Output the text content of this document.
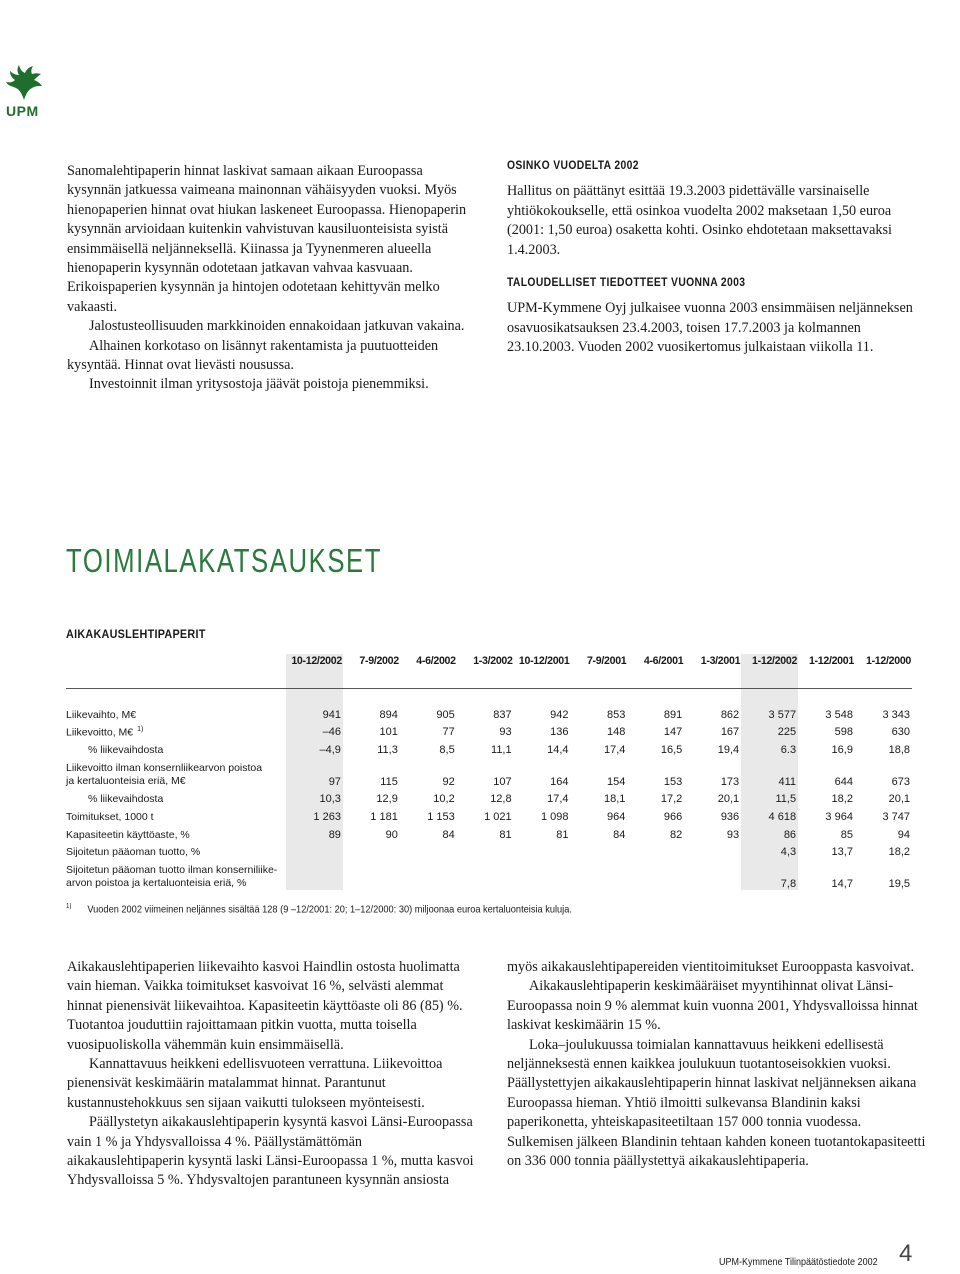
UPM

Sanomalehtipaperin hinnat laskivat samaan aikaan Euroopassa kysynnän jatkuessa vaimeana mainonnan vähäisyyden vuoksi. Myös hienopaperien hinnat ovat hiukan laskeneet Euroopassa. Hienopaperin kysynnän arvioidaan kuitenkin vahvistuvan kausiluonteisista syistä ensimmäisellä neljänneksellä. Kiinassa ja Tyynenmeren alueella hienopaperin kysynnän odotetaan jatkavan vahvaa kasvuaan. Erikoispaperien kysynnän ja hintojen odotetaan kehittyvän melko vakaasti.

Jalostusteollisuuden markkinoiden ennakoidaan jatkuvan vakaina.

Alhainen korkotaso on lisännyt rakentamista ja puutuotteiden kysyntää. Hinnat ovat lievästi nousussa.

Investoinnit ilman yritysostoja jäävät poistoja pienemmiksi.

OSINKO VUODELTA 2002

Hallitus on päättänyt esittää 19.3.2003 pidettävälle varsinaiselle yhtiökokoukselle, että osinkoa vuodelta 2002 maksetaan 1,50 euroa (2001: 1,50 euroa) osaketta kohti. Osinko ehdotetaan maksettavaksi 1.4.2003.

TALOUDELLISET TIEDOTTEET VUONNA 2003

UPM-Kymmene Oyj julkaisee vuonna 2003 ensimmäisen neljänneksen osavuosikatsauksen 23.4.2003, toisen 17.7.2003 ja kolmannen 23.10.2003. Vuoden 2002 vuosikertomus julkaistaan viikolla 11.

TOIMIALAKATSAUKSET
AIKAKAUSLEHTIPAPERIT
	10-12/2002	7-9/2002	4-6/2002	1-3/2002	10-12/2001	7-9/2001	4-6/2001	1-3/2001	1-12/2002	1-12/2001	1-12/2000

Liikevaihto, M€	941	894	905	837	942	853	891	862	3 577	3 548	3 343
Liikevoitto, M€ $^{1)}$	–46	101	77	93	136	148	147	167	225	598	630
% liikevaihdosta	–4,9	11,3	8,5	11,1	14,4	17,4	16,5	19,4	6.3	16,9	18,8

Liikevoitto ilman konsernliikearvon poistoa
ja kertaluonteisia eriä, M€	97	115	92	107	164	154	153	173	411	644	673
% liikevaihdosta	10,3	12,9	10,2	12,8	17,4	18,1	17,2	20,1	11,5	18,2	20,1
Toimitukset, 1000 t	1 263	1 181	1 153	1 021	1 098	964	966	936	4 618	3 964	3 747
Kapasiteetin käyttöaste, %	89	90	84	81	81	84	82	93	86	85	94
Sijoitetun pääoman tuotto, %									4,3	13,7	18,2

Sijoitetun pääoman tuotto ilman konserniliike-
arvon poistoa ja kertaluonteisia eriä, %									7,8	14,7	19,5
$^{1)}$ Vuoden 2002 viimeinen neljännes sisältää 128 (9 –12/2001: 20; 1–12/2000: 30) miljoonaa euroa kertaluonteisia kuluja.

Aikakauslehtipaperien liikevaihto kasvoi Haindlin ostosta huolimatta vain hieman. Vaikka toimitukset kasvoivat 16 %, selvästi alemmat hinnat pienensivät liikevaihtoa. Kapasiteetin käyttöaste oli 86 (85) %. Tuotantoa jouduttiin rajoittamaan pitkin vuotta, mutta toisella vuosipuoliskolla vähemmän kuin ensimmäisellä.

Kannattavuus heikkeni edellisvuoteen verrattuna. Liikevoittoa pienensivät keskimäärin matalammat hinnat. Parantunut kustannustehokkuus sen sijaan vaikutti tulokseen myönteisesti.

Päällystetyn aikakauslehtipaperin kysyntä kasvoi Länsi-Euroopassa vain 1 % ja Yhdysvalloissa 4 %. Päällystämättömän aikakauslehtipaperin kysyntä laski Länsi-Euroopassa 1 %, mutta kasvoi Yhdysvalloissa 5 %. Yhdysvaltojen parantuneen kysynnän ansiosta

myös aikakauslehtipapereiden vientitoimitukset Eurooppasta kasvoivat.

Aikakauslehtipaperin keskimääräiset myyntihinnat olivat Länsi-Euroopassa noin 9 % alemmat kuin vuonna 2001, Yhdysvalloissa hinnat laskivat keskimäärin 15 %.

Loka–joulukuussa toimialan kannattavuus heikkeni edellisestä neljänneksestä ennen kaikkea joulukuun tuotantoseisokkien vuoksi. Päällystettyjen aikakauslehtipaperin hinnat laskivat neljänneksen aikana Euroopassa hieman. Yhtiö ilmoitti sulkevansa Blandinin kaksi paperikonetta, yhteiskapasiteetiltaan 157 000 tonnia vuodessa. Sulkemisen jälkeen Blandinin tehtaan kahden koneen tuotantokapasiteetti on 336 000 tonnia päällystettyä aikakauslehtipaperia.

UPM-Kymmene Tilinpäätöstiedote 2002 4
